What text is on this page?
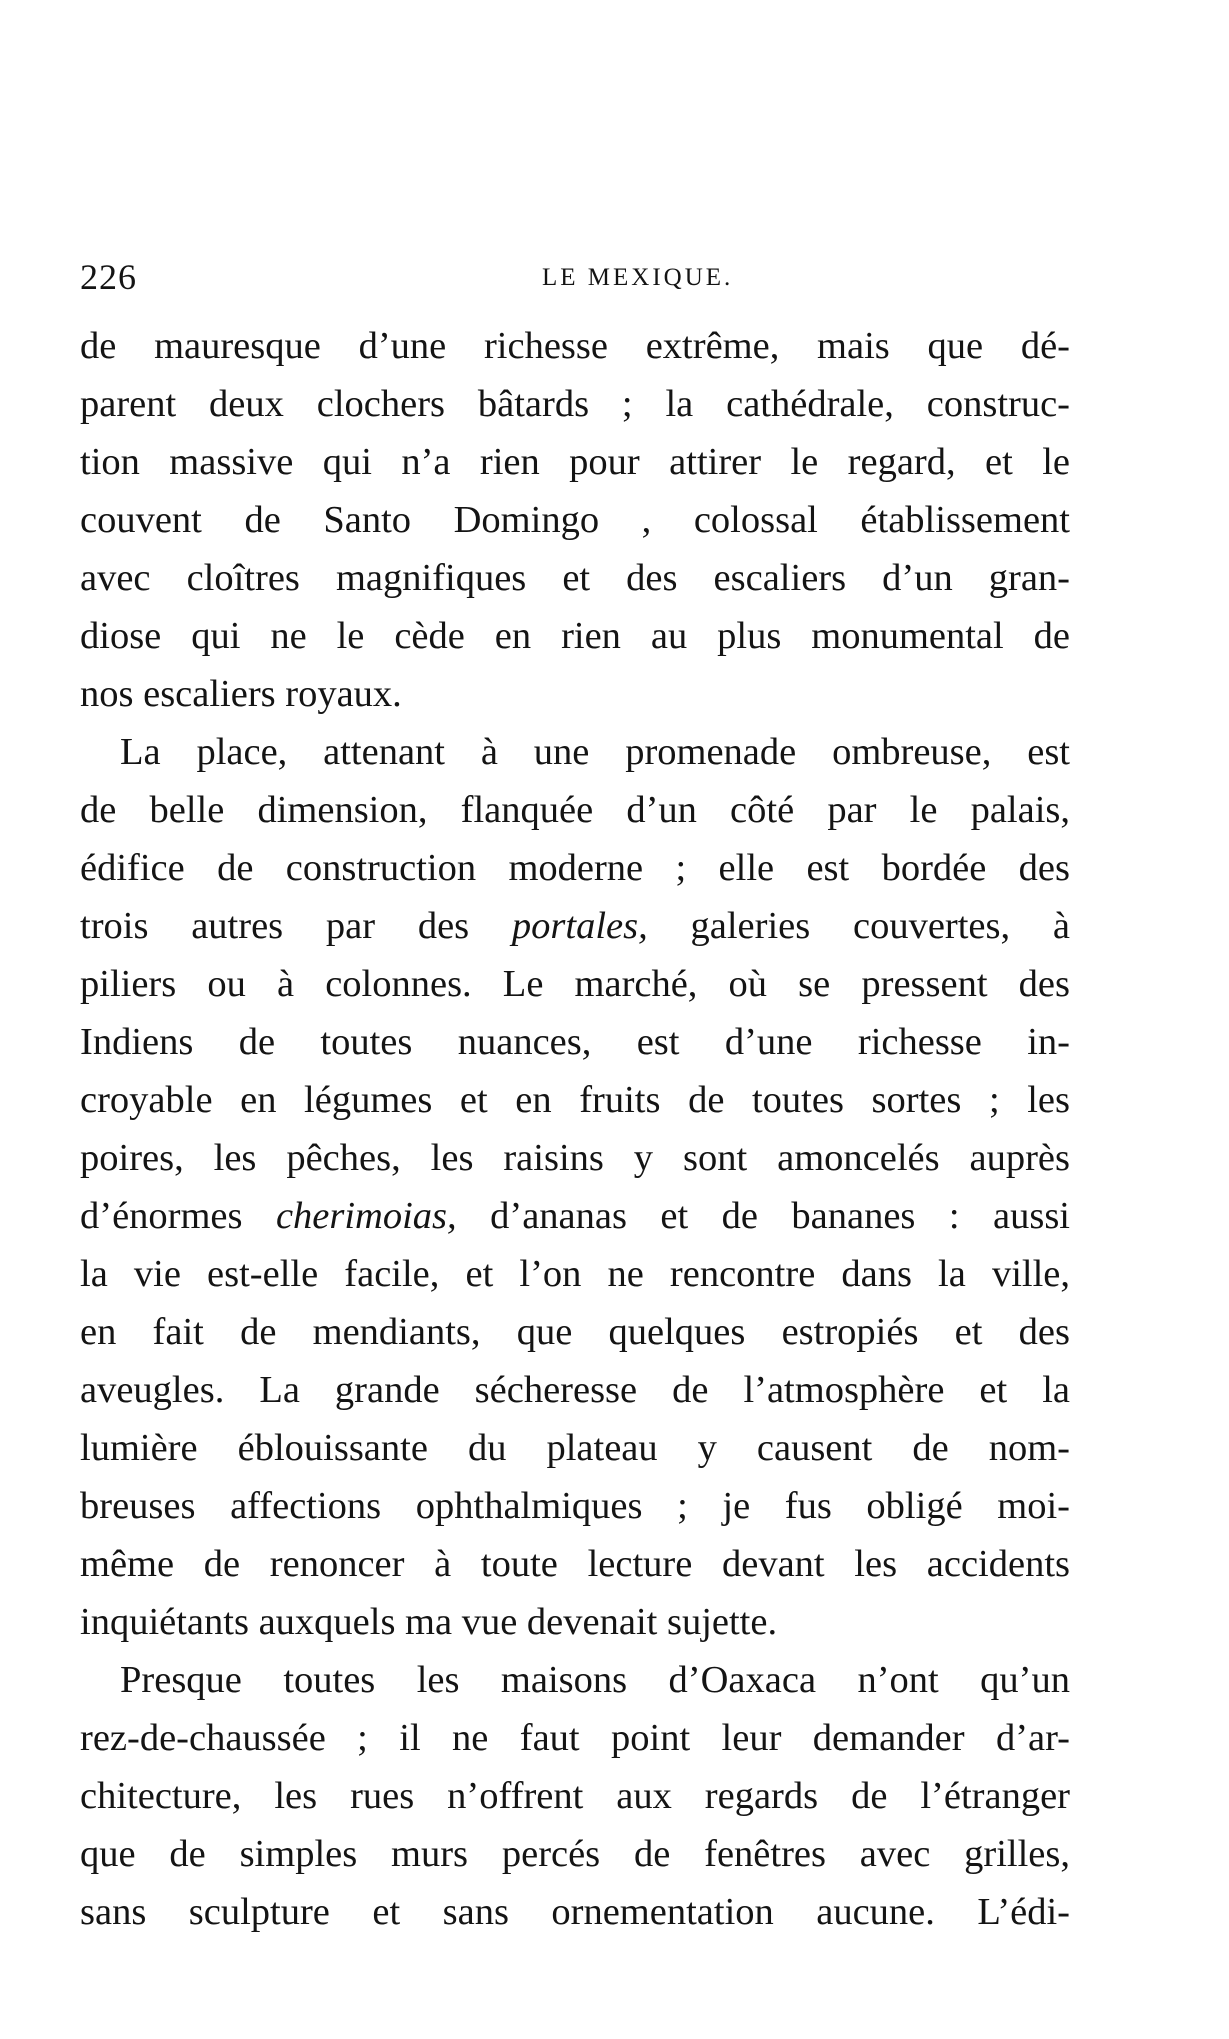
226	LE MEXIQUE.
de mauresque d’une richesse extrême, mais que dé-
parent deux clochers bâtards ; la cathédrale, construc-
tion massive qui n’a rien pour attirer le regard, et le
couvent de Santo Domingo , colossal établissement
avec cloîtres magnifiques et des escaliers d’un gran-
diose qui ne le cède en rien au plus monumental de
nos escaliers royaux.
La place, attenant à une promenade ombreuse, est
de belle dimension, flanquée d’un côté par le palais,
édifice de construction moderne ; elle est bordée des
trois autres par des portales, galeries couvertes, à
piliers ou à colonnes. Le marché, où se pressent des
Indiens de toutes nuances, est d’une richesse in-
croyable en légumes et en fruits de toutes sortes ; les
poires, les pêches, les raisins y sont amoncelés auprès
d’énormes cherimoias, d’ananas et de bananes : aussi
la vie est-elle facile, et l’on ne rencontre dans la ville,
en fait de mendiants, que quelques estropiés et des
aveugles. La grande sécheresse de l’atmosphère et la
lumière éblouissante du plateau y causent de nom-
breuses affections ophthalmiques ; je fus obligé moi-
même de renoncer à toute lecture devant les accidents
inquiétants auxquels ma vue devenait sujette.
Presque toutes les maisons d’Oaxaca n’ont qu’un
rez-de-chaussée ; il ne faut point leur demander d’ar-
chitecture, les rues n’offrent aux regards de l’étranger
que de simples murs percés de fenêtres avec grilles,
sans sculpture et sans ornementation aucune. L’édi-
